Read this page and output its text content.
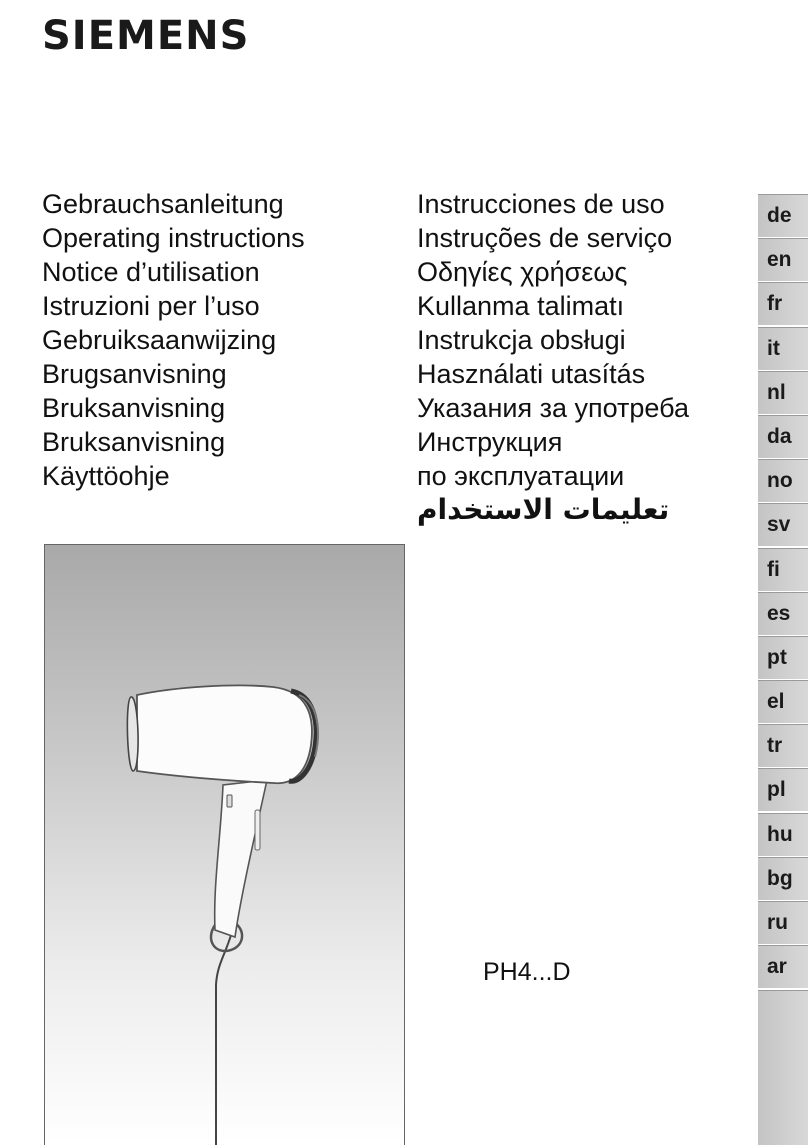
SIEMENS
Gebrauchsanleitung
Operating instructions
Notice d’utilisation
Istruzioni per l’uso
Gebruiksaanwijzing
Brugsanvisning
Bruksanvisning
Bruksanvisning
Käyttöohje
Instrucciones de uso
Instruções de serviço
Οδηγίες χρήσεως
Kullanma talimatı
Instrukcja obsługi
Használati utasítás
Указания за употреба
Инструкция
по эксплуатации
تعليمات الاستخدام

PH4...D

de
en
fr
it
nl
da
no
sv
fi
es
pt
el
tr
pl
hu
bg
ru
ar
